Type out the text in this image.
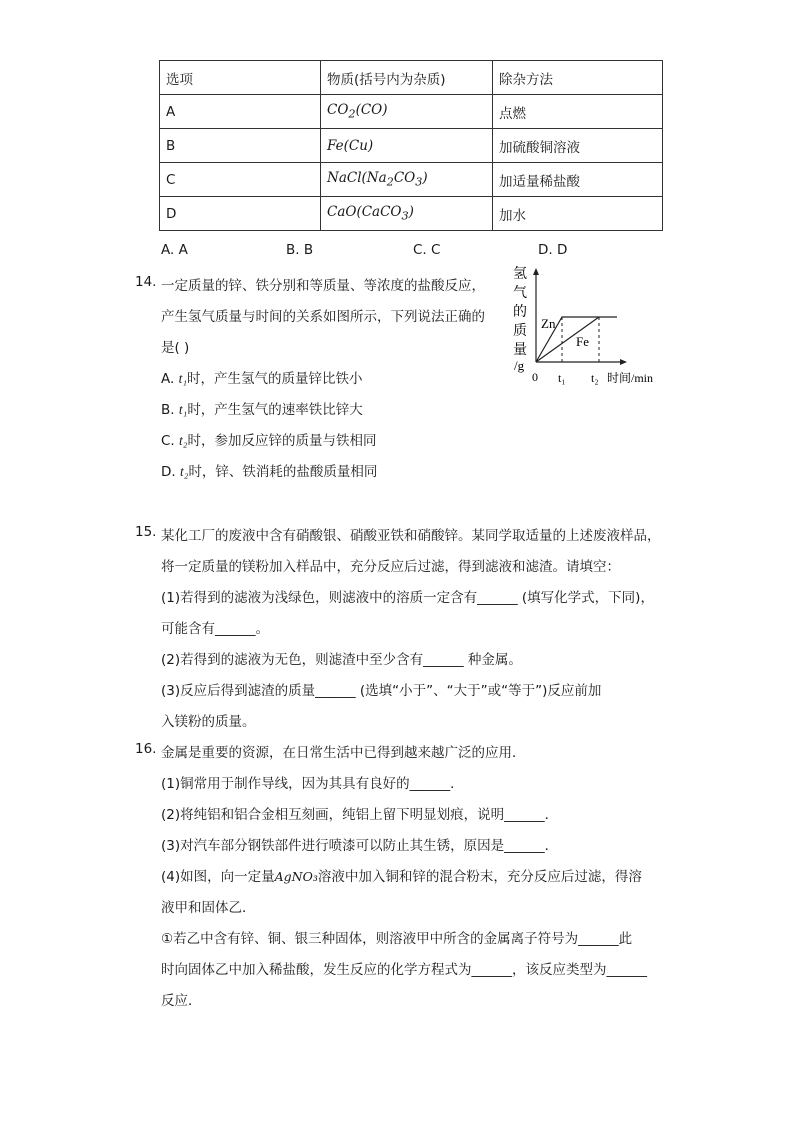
选项	物质(括号内为杂质)	除杂方法
A	$CO_2(CO)$	点燃
B	Fe(Cu)	加硫酸铜溶液
C	$NaCl(Na_2CO_3)$	加适量稀盐酸
D	CaO(CaCO$_3$)	加水
A. A	B. B	C. C	D. D
14. 一定质量的锌、铁分别和等质量、等浓度的盐酸反应，
产生氢气质量与时间的关系如图所示，下列说法正确的
是( )
A. t₁时，产生氢气的质量锌比铁小
B. t₁时，产生氢气的速率铁比锌大
C. t₂时，参加反应锌的质量与铁相同
D. t₂时，锌、铁消耗的盐酸质量相同
氢
气
的
质
量
/g
Zn
Fe
0 t₁ t₂ 时间/min
15. 某化工厂的废液中含有硝酸银、硝酸亚铁和硝酸锌。某同学取适量的上述废液样品，
将一定质量的镁粉加入样品中，充分反应后过滤，得到滤液和滤渣。请填空：
(1)若得到的滤液为浅绿色，则滤液中的溶质一定含有______ (填写化学式，下同)，
可能含有______。
(2)若得到的滤液为无色，则滤渣中至少含有______ 种金属。
(3)反应后得到滤渣的质量______ (选填“小于”、“大于”或“等于”)反应前加
入镁粉的质量。
16. 金属是重要的资源，在日常生活中已得到越来越广泛的应用．
(1)铜常用于制作导线，因为其具有良好的______．
(2)将纯铝和铝合金相互刻画，纯铝上留下明显划痕，说明______．
(3)对汽车部分钢铁部件进行喷漆可以防止其生锈，原因是______．
(4)如图，向一定量AgNO₃溶液中加入铜和锌的混合粉末，充分反应后过滤，得溶
液甲和固体乙．
①若乙中含有锌、铜、银三种固体，则溶液甲中所含的金属离子符号为______此
时向固体乙中加入稀盐酸，发生反应的化学方程式为______，该反应类型为______
反应．
